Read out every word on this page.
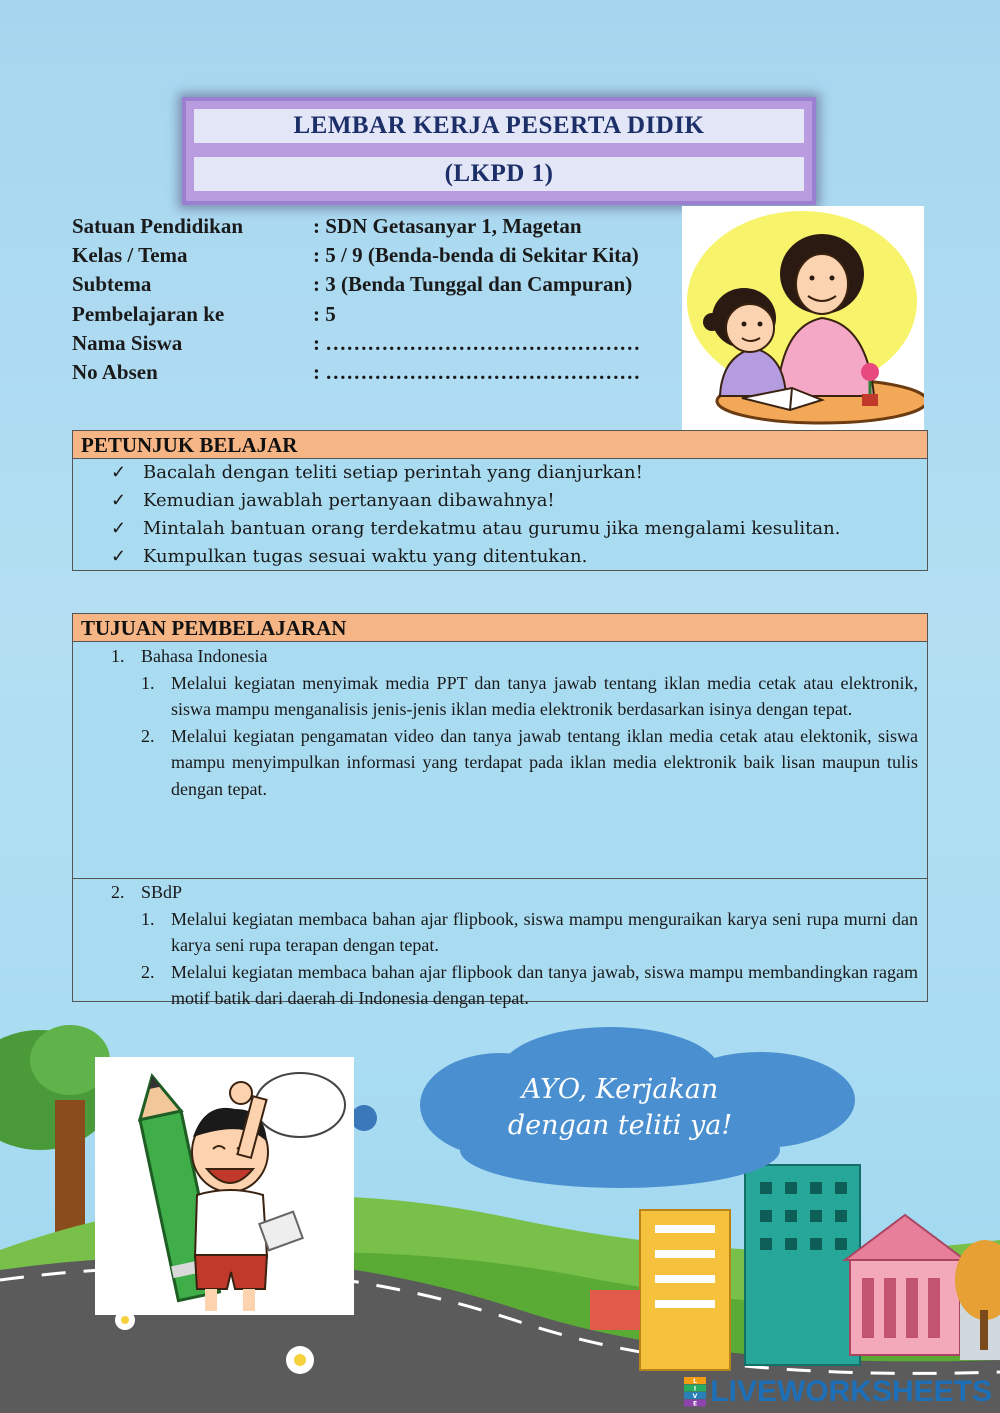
LEMBAR KERJA PESERTA DIDIK
(LKPD 1)
Satuan Pendidikan	: SDN Getasanyar 1, Magetan
Kelas / Tema	: 5 / 9 (Benda-benda di Sekitar Kita)
Subtema	: 3 (Benda Tunggal dan Campuran)
Pembelajaran ke	: 5
Nama Siswa	: ………………………………………
No Absen	: ………………………………………
PETUNJUK BELAJAR
✓ Bacalah dengan teliti setiap perintah yang dianjurkan!
✓ Kemudian jawablah pertanyaan dibawahnya!
✓ Mintalah bantuan orang terdekatmu atau gurumu jika mengalami kesulitan.
✓ Kumpulkan tugas sesuai waktu yang ditentukan.
TUJUAN PEMBELAJARAN
1. Bahasa Indonesia
1. Melalui kegiatan menyimak media PPT dan tanya jawab tentang iklan media cetak atau elektronik, siswa mampu menganalisis jenis-jenis iklan media elektronik berdasarkan isinya dengan tepat.
2. Melalui kegiatan pengamatan video dan tanya jawab tentang iklan media cetak atau elektonik, siswa mampu menyimpulkan informasi yang terdapat pada iklan media elektronik baik lisan maupun tulis dengan tepat.
2. SBdP
1. Melalui kegiatan membaca bahan ajar flipbook, siswa mampu menguraikan karya seni rupa murni dan karya seni rupa terapan dengan tepat.
2. Melalui kegiatan membaca bahan ajar flipbook dan tanya jawab, siswa mampu membandingkan ragam motif batik dari daerah di Indonesia dengan tepat.
AYO, Kerjakan
dengan teliti ya!
L
I
V
E LIVEWORKSHEETS
